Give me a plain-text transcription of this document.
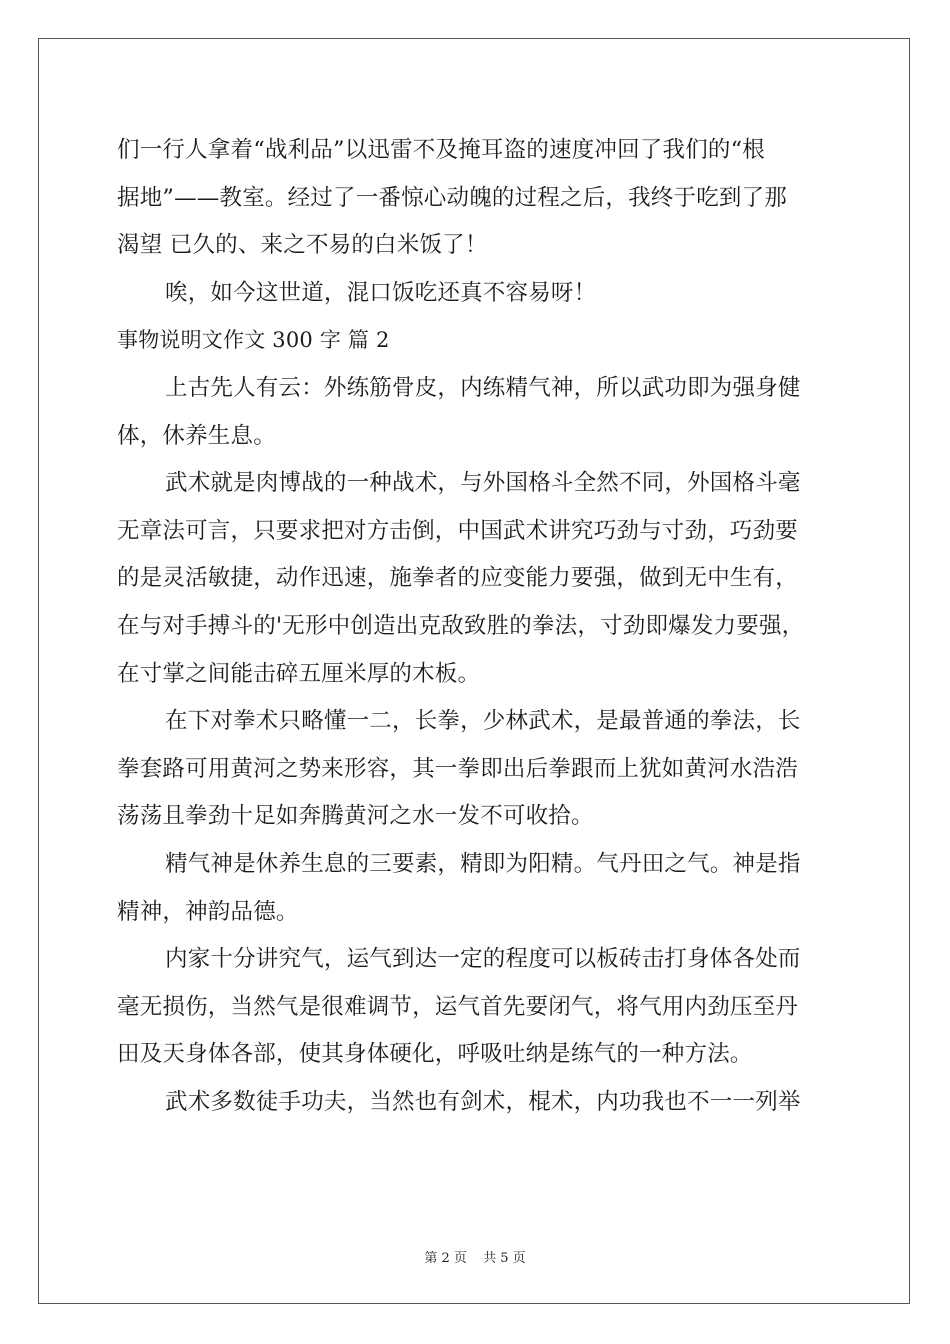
们一行人拿着“战利品”以迅雷不及掩耳盗的速度冲回了我们的“根
据地”——教室。经过了一番惊心动魄的过程之后，我终于吃到了那
渴望 已久的、来之不易的白米饭了！
唉，如今这世道，混口饭吃还真不容易呀！
事物说明文作文 300 字 篇 2
上古先人有云：外练筋骨皮，内练精气神，所以武功即为强身健
体，休养生息。
武术就是肉博战的一种战术，与外国格斗全然不同，外国格斗毫
无章法可言，只要求把对方击倒，中国武术讲究巧劲与寸劲，巧劲要
的是灵活敏捷，动作迅速，施拳者的应变能力要强，做到无中生有，
在与对手搏斗的'无形中创造出克敌致胜的拳法，寸劲即爆发力要强，
在寸掌之间能击碎五厘米厚的木板。
在下对拳术只略懂一二，长拳，少林武术，是最普通的拳法，长
拳套路可用黄河之势来形容，其一拳即出后拳跟而上犹如黄河水浩浩
荡荡且拳劲十足如奔腾黄河之水一发不可收拾。
精气神是休养生息的三要素，精即为阳精。气丹田之气。神是指
精神，神韵品德。
内家十分讲究气，运气到达一定的程度可以板砖击打身体各处而
毫无损伤，当然气是很难调节，运气首先要闭气，将气用内劲压至丹
田及天身体各部，使其身体硬化，呼吸吐纳是练气的一种方法。
武术多数徒手功夫，当然也有剑术，棍术，内功我也不一一列举
第 2 页 共 5 页
